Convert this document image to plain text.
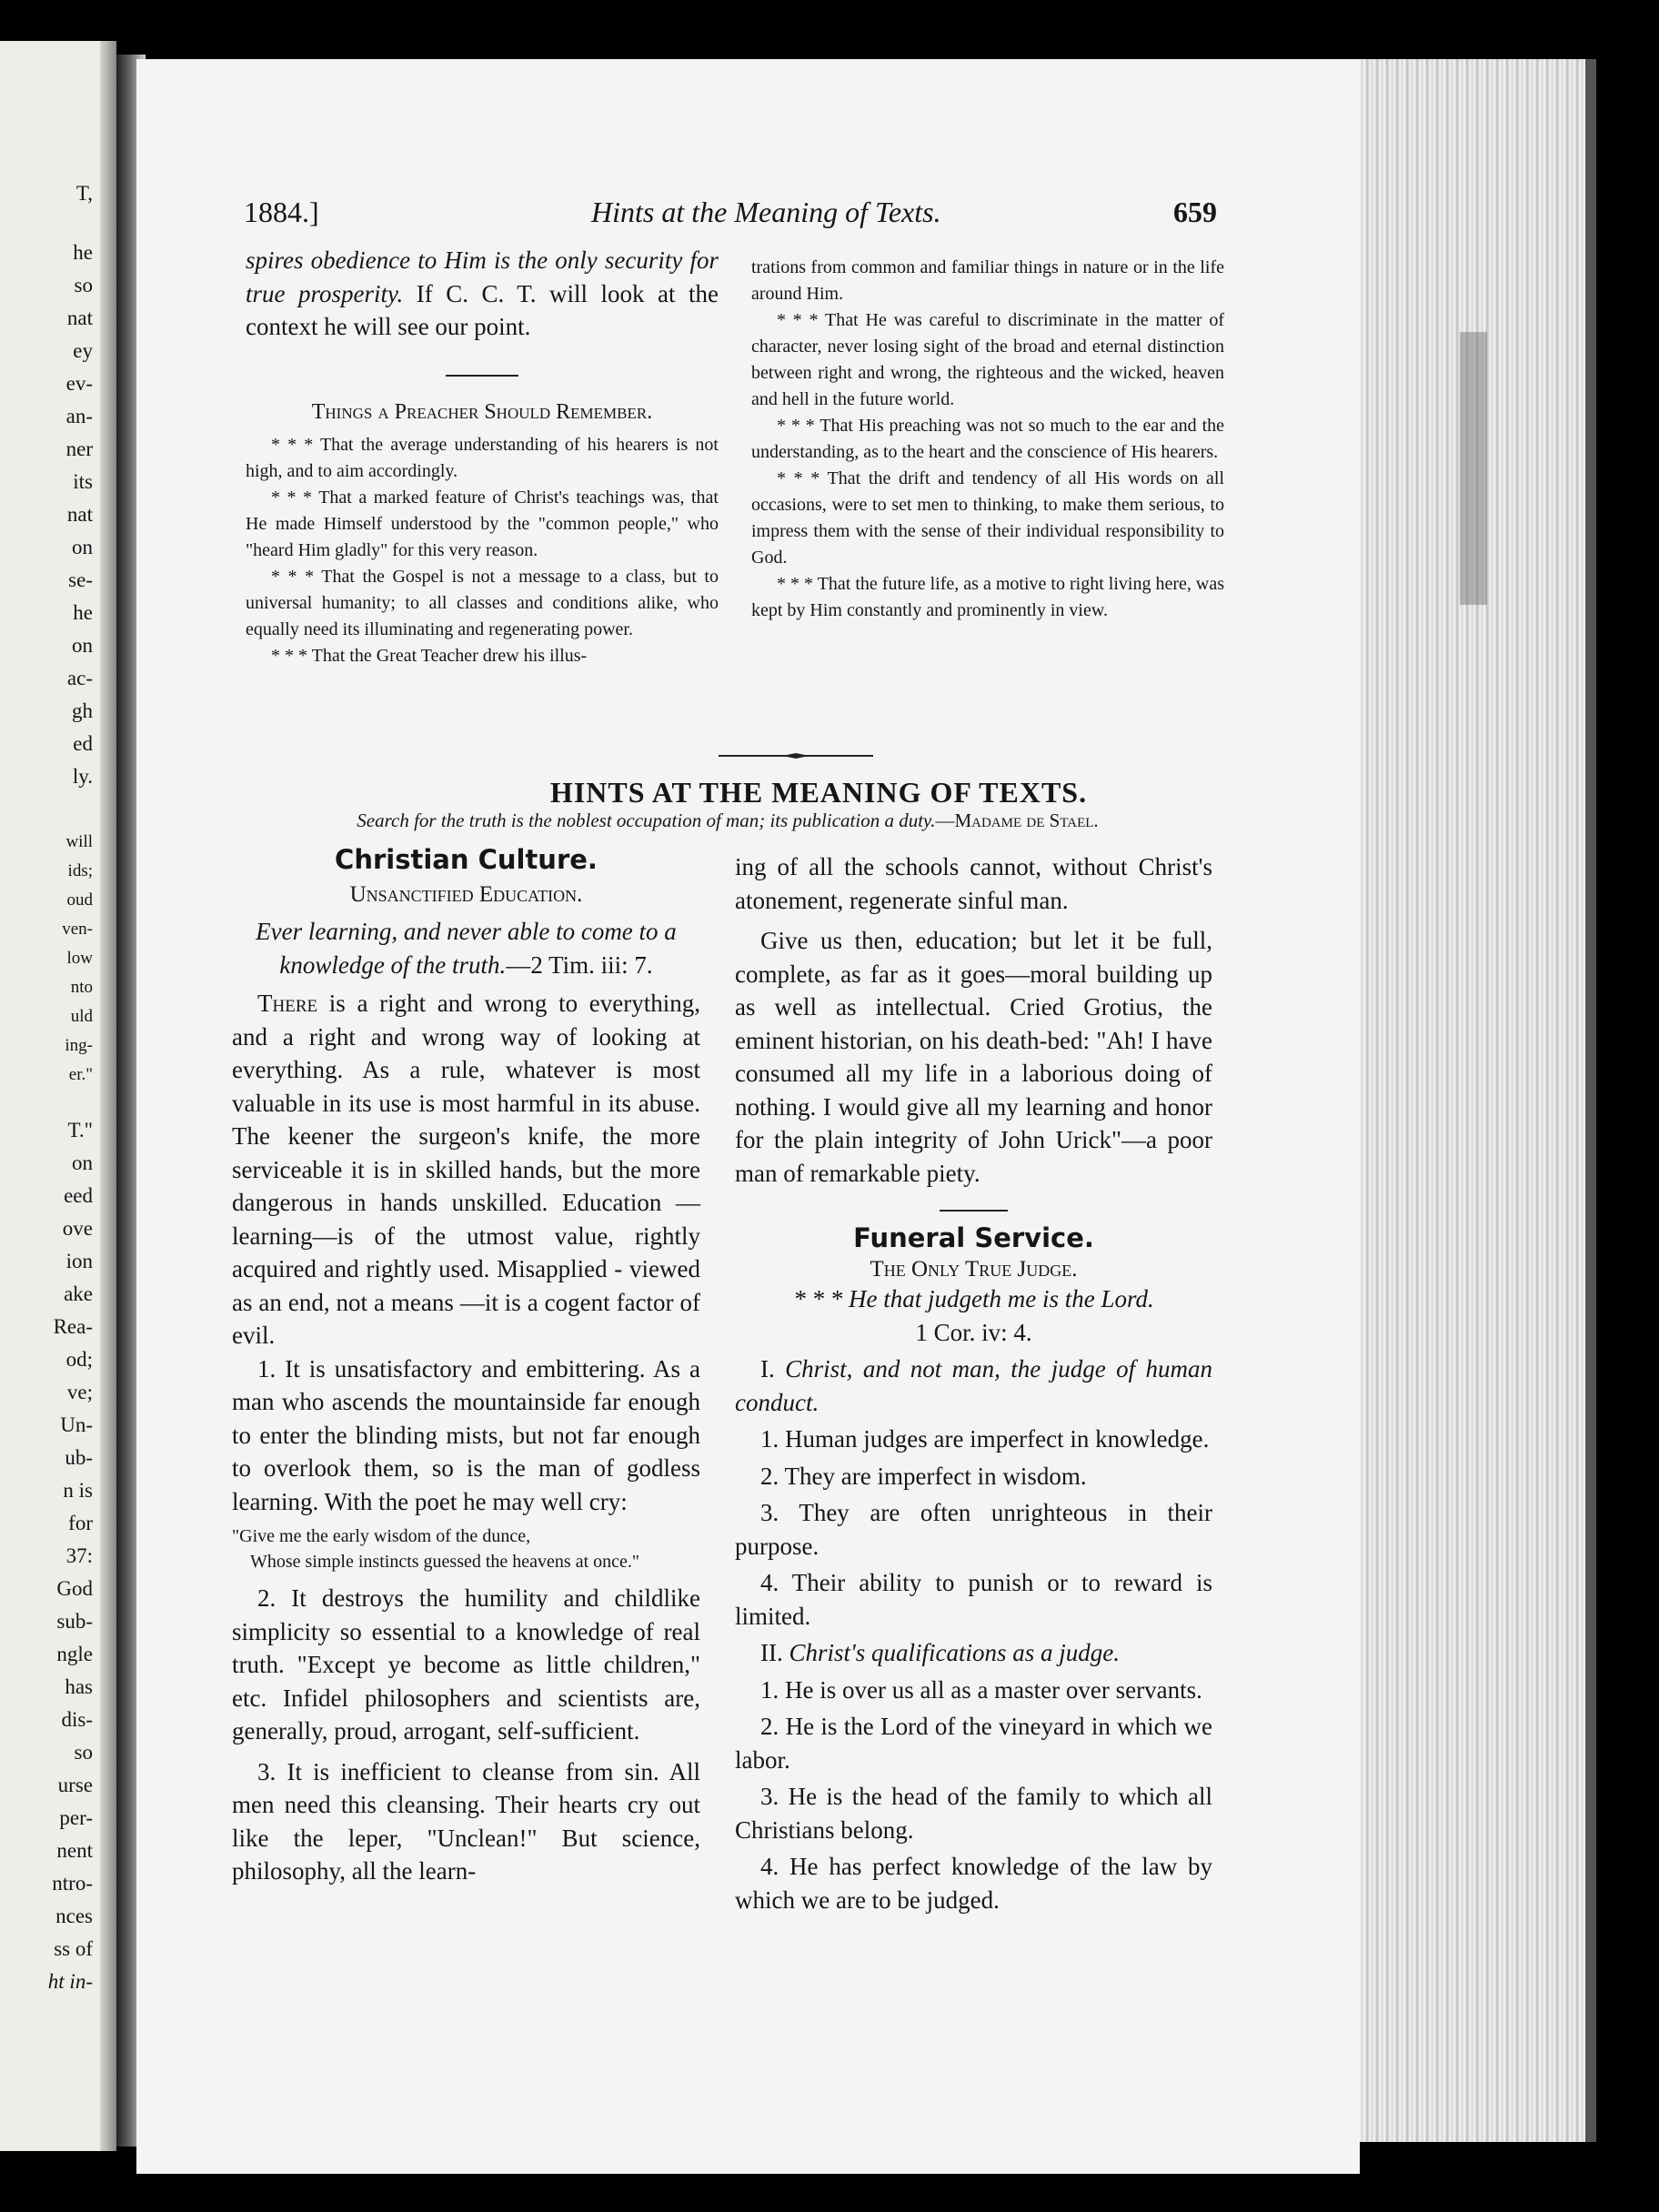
T,
he
so
nat
ey
ev-
an-
ner
its
nat
on
se-
he
on
ac-
gh
ed
ly.
will
ids;
oud
ven-
low
nto
uld
ing-
er."
T."
on
eed
ove
ion
ake
Rea-
od;
ve;
Un-
ub-
n is
for
37:
God
sub-
ngle
has
dis-
so
urse
per-
nent
ntro-
nces
ss of
ht in-
1884.]	Hints at the Meaning of Texts.	659

spires obedience to Him is the only security for true prosperity. If C. C. T. will look at the context he will see our point.

Things a Preacher Should Remember.

* * * That the average understanding of his hearers is not high, and to aim accordingly.

* * * That a marked feature of Christ's teachings was, that He made Himself understood by the "common people," who "heard Him gladly" for this very reason.

* * * That the Gospel is not a message to a class, but to universal humanity; to all classes and conditions alike, who equally need its illuminating and regenerating power.

* * * That the Great Teacher drew his illus-

trations from common and familiar things in nature or in the life around Him.

* * * That He was careful to discriminate in the matter of character, never losing sight of the broad and eternal distinction between right and wrong, the righteous and the wicked, heaven and hell in the future world.

* * * That His preaching was not so much to the ear and the understanding, as to the heart and the conscience of His hearers.

* * * That the drift and tendency of all His words on all occasions, were to set men to thinking, to make them serious, to impress them with the sense of their individual responsibility to God.

* * * That the future life, as a motive to right living here, was kept by Him constantly and prominently in view.

HINTS AT THE MEANING OF TEXTS.
Search for the truth is the noblest occupation of man; its publication a duty.—Madame de Stael.

Christian Culture.

Unsanctified Education.

Ever learning, and never able to come to a knowledge of the truth.—2 Tim. iii: 7.

There is a right and wrong to everything, and a right and wrong way of looking at everything. As a rule, whatever is most valuable in its use is most harmful in its abuse. The keener the surgeon's knife, the more serviceable it is in skilled hands, but the more dangerous in hands unskilled. Education —learning—is of the utmost value, rightly acquired and rightly used. Misapplied - viewed as an end, not a means —it is a cogent factor of evil.

1. It is unsatisfactory and embittering. As a man who ascends the mountainside far enough to enter the blinding mists, but not far enough to overlook them, so is the man of godless learning. With the poet he may well cry:

"Give me the early wisdom of the dunce,

Whose simple instincts guessed the heavens at once."

2. It destroys the humility and childlike simplicity so essential to a knowledge of real truth. "Except ye become as little children," etc. Infidel philosophers and scientists are, generally, proud, arrogant, self-sufficient.

3. It is inefficient to cleanse from sin. All men need this cleansing. Their hearts cry out like the leper, "Unclean!" But science, philosophy, all the learn-

ing of all the schools cannot, without Christ's atonement, regenerate sinful man.

Give us then, education; but let it be full, complete, as far as it goes—moral building up as well as intellectual. Cried Grotius, the eminent historian, on his death-bed: "Ah! I have consumed all my life in a laborious doing of nothing. I would give all my learning and honor for the plain integrity of John Urick"—a poor man of remarkable piety.

Funeral Service.

The Only True Judge.

* * * He that judgeth me is the Lord.

1 Cor. iv: 4.

I. Christ, and not man, the judge of human conduct.

1. Human judges are imperfect in knowledge.

2. They are imperfect in wisdom.

3. They are often unrighteous in their purpose.

4. Their ability to punish or to reward is limited.

II. Christ's qualifications as a judge.

1. He is over us all as a master over servants.

2. He is the Lord of the vineyard in which we labor.

3. He is the head of the family to which all Christians belong.

4. He has perfect knowledge of the law by which we are to be judged.
